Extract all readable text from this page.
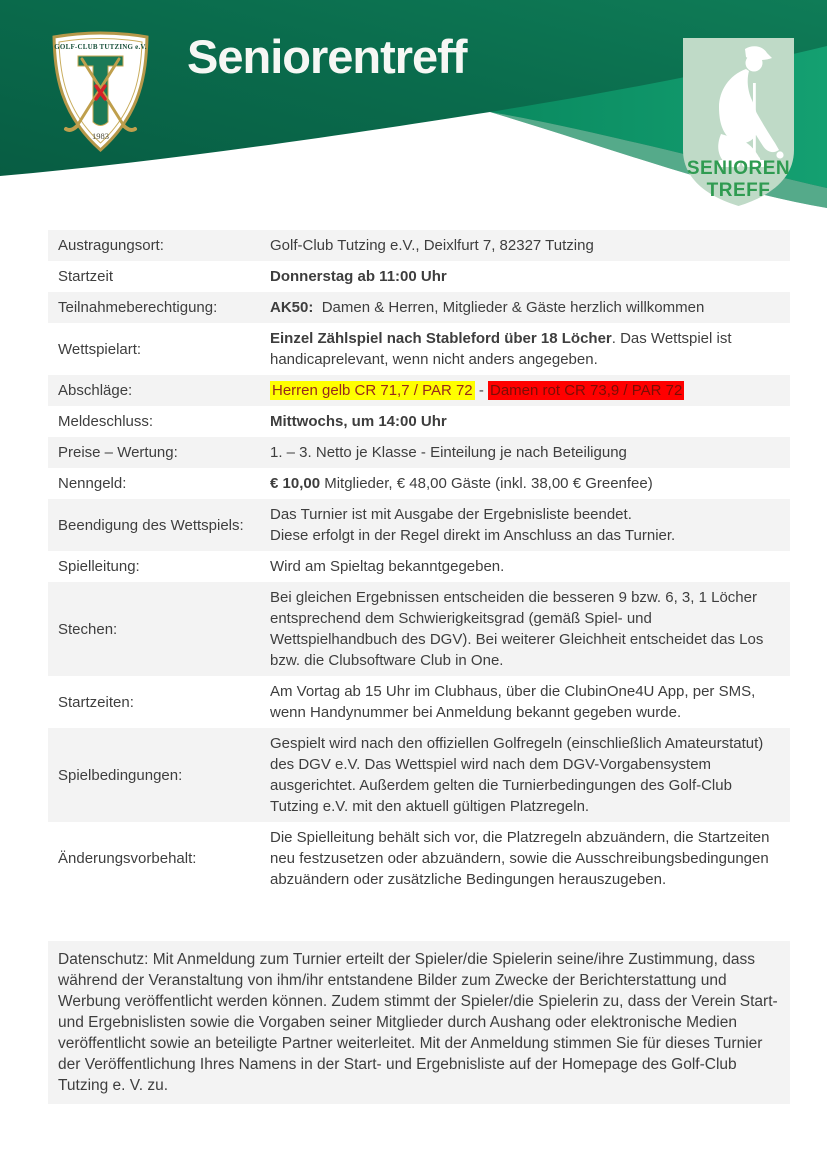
GOLF-CLUB TUTZING e.V.
1983
Seniorentreff
SENIOREN
TREFF
Austragungsort:	Golf-Club Tutzing e.V., Deixlfurt 7, 82327 Tutzing
Startzeit	Donnerstag ab 11:00 Uhr
Teilnahmeberechtigung:	AK50:  Damen & Herren, Mitglieder & Gäste herzlich willkommen
Wettspielart:
Einzel Zählspiel nach Stableford über 18 Löcher. Das Wettspiel ist handicaprelevant, wenn nicht anders angegeben.
Abschläge:	Herren gelb CR 71,7 / PAR 72 - Damen rot CR 73,9 / PAR 72
Meldeschluss:	Mittwochs, um 14:00 Uhr
Preise – Wertung:	1. – 3. Netto je Klasse - Einteilung je nach Beteiligung
Nenngeld:	€ 10,00 Mitglieder, € 48,00 Gäste (inkl. 38,00 € Greenfee)
Beendigung des Wettspiels:
Das Turnier ist mit Ausgabe der Ergebnisliste beendet.
Diese erfolgt in der Regel direkt im Anschluss an das Turnier.
Spielleitung:	Wird am Spieltag bekanntgegeben.
Stechen:
Bei gleichen Ergebnissen entscheiden die besseren 9 bzw. 6, 3, 1 Löcher entsprechend dem Schwierigkeitsgrad (gemäß Spiel- und Wettspielhandbuch des DGV). Bei weiterer Gleichheit entscheidet das Los bzw. die Clubsoftware Club in One.
Startzeiten:
Am Vortag ab 15 Uhr im Clubhaus, über die ClubinOne4U App, per SMS, wenn Handynummer bei Anmeldung bekannt gegeben wurde.
Spielbedingungen:
Gespielt wird nach den offiziellen Golfregeln (einschließlich Amateurstatut) des DGV e.V. Das Wettspiel wird nach dem DGV-Vorgabensystem ausgerichtet. Außerdem gelten die Turnierbedingungen des Golf-Club Tutzing e.V. mit den aktuell gültigen Platzregeln.
Änderungsvorbehalt:
Die Spielleitung behält sich vor, die Platzregeln abzuändern, die Startzeiten neu festzusetzen oder abzuändern, sowie die Ausschreibungsbedingungen abzuändern oder zusätzliche Bedingungen herauszugeben.
Datenschutz: Mit Anmeldung zum Turnier erteilt der Spieler/die Spielerin seine/ihre Zustimmung, dass während der Veranstaltung von ihm/ihr entstandene Bilder zum Zwecke der Berichterstattung und Werbung veröffentlicht werden können. Zudem stimmt der Spieler/die Spielerin zu, dass der Verein Start- und Ergebnislisten sowie die Vorgaben seiner Mitglieder durch Aushang oder elektronische Medien veröffentlicht sowie an beteiligte Partner weiterleitet. Mit der Anmeldung stimmen Sie für dieses Turnier der Veröffentlichung Ihres Namens in der Start- und Ergebnisliste auf der Homepage des Golf-Club Tutzing e. V. zu.
